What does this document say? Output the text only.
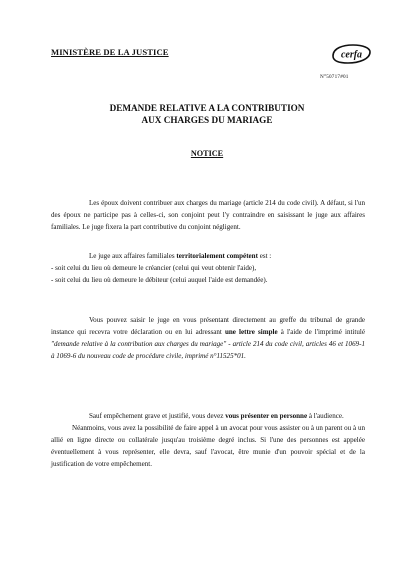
MINISTÈRE DE LA JUSTICE	cerfa
N°50717#01
DEMANDE RELATIVE A LA CONTRIBUTION
AUX CHARGES DU MARIAGE
NOTICE
Les époux doivent contribuer aux charges du mariage (article 214 du code civil). A défaut, si l'un des époux ne participe pas à celles-ci, son conjoint peut l'y contraindre en saisissant le juge aux affaires familiales. Le juge fixera la part contributive du conjoint négligent.
Le juge aux affaires familiales territorialement compétent est :
- soit celui du lieu où demeure le créancier (celui qui veut obtenir l'aide),
- soit celui du lieu où demeure le débiteur (celui auquel l'aide est demandée).
Vous pouvez saisir le juge en vous présentant directement au greffe du tribunal de grande instance qui recevra votre déclaration ou en lui adressant une lettre simple à l'aide de l'imprimé intitulé "demande relative à la contribution aux charges du mariage" - article 214 du code civil, articles 46 et 1069-1 à 1069-6 du nouveau code de procédure civile, imprimé n°11525*01.
Sauf empêchement grave et justifié, vous devez vous présenter en personne à l'audience.
Néanmoins, vous avez la possibilité de faire appel à un avocat pour vous assister ou à un parent ou à un allié en ligne directe ou collatérale jusqu'au troisième degré inclus. Si l'une des personnes est appelée éventuellement à vous représenter, elle devra, sauf l'avocat, être munie d'un pouvoir spécial et de la justification de votre empêchement.
